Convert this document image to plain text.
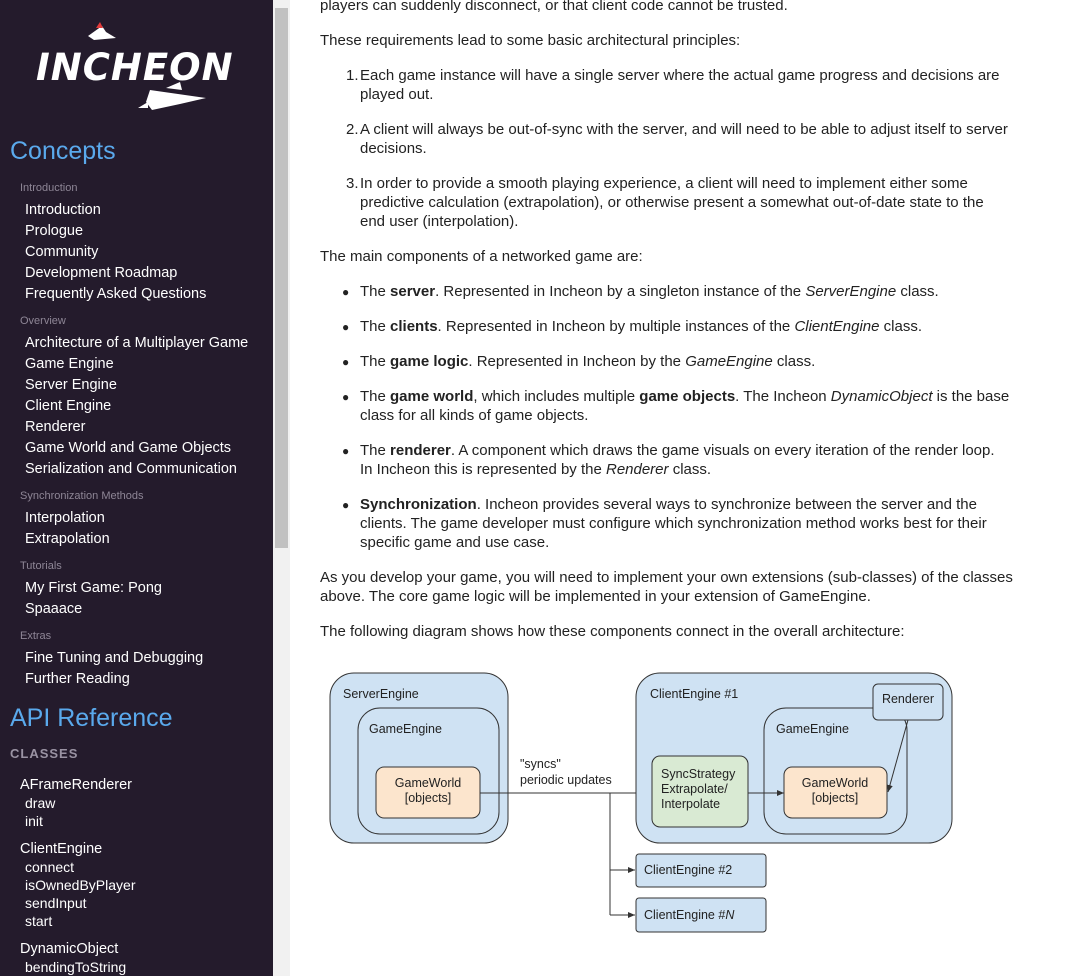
INCHEON
Concepts
Introduction
Introduction
Prologue
Community
Development Roadmap
Frequently Asked Questions
Overview
Architecture of a Multiplayer Game
Game Engine
Server Engine
Client Engine
Renderer
Game World and Game Objects
Serialization and Communication
Synchronization Methods
Interpolation
Extrapolation
Tutorials
My First Game: Pong
Spaaace
Extras
Fine Tuning and Debugging
Further Reading
API Reference
CLASSES
AFrameRenderer
draw
init
ClientEngine
connect
isOwnedByPlayer
sendInput
start
DynamicObject
bendingToString
players can suddenly disconnect, or that client code cannot be trusted.
These requirements lead to some basic architectural principles:
1. Each game instance will have a single server where the actual game progress and decisions are played out.
2. A client will always be out-of-sync with the server, and will need to be able to adjust itself to server decisions.
3. In order to provide a smooth playing experience, a client will need to implement either some predictive calculation (extrapolation), or otherwise present a somewhat out-of-date state to the end user (interpolation).
The main components of a networked game are:
● The server. Represented in Incheon by a singleton instance of the ServerEngine class.
● The clients. Represented in Incheon by multiple instances of the ClientEngine class.
● The game logic. Represented in Incheon by the GameEngine class.
● The game world, which includes multiple game objects. The Incheon DynamicObject is the base class for all kinds of game objects.
● The renderer. A component which draws the game visuals on every iteration of the render loop. In Incheon this is represented by the Renderer class.
● Synchronization. Incheon provides several ways to synchronize between the server and the clients. The game developer must configure which synchronization method works best for their specific game and use case.
As you develop your game, you will need to implement your own extensions (sub-classes) of the classes above. The core game logic will be implemented in your extension of GameEngine.
The following diagram shows how these components connect in the overall architecture:
ServerEngine
GameEngine
GameWorld
[objects]
"syncs"
periodic updates
ClientEngine #1
GameEngine
Renderer
SyncStrategy
Extrapolate/
Interpolate
GameWorld
[objects]
ClientEngine #2
ClientEngine #N
